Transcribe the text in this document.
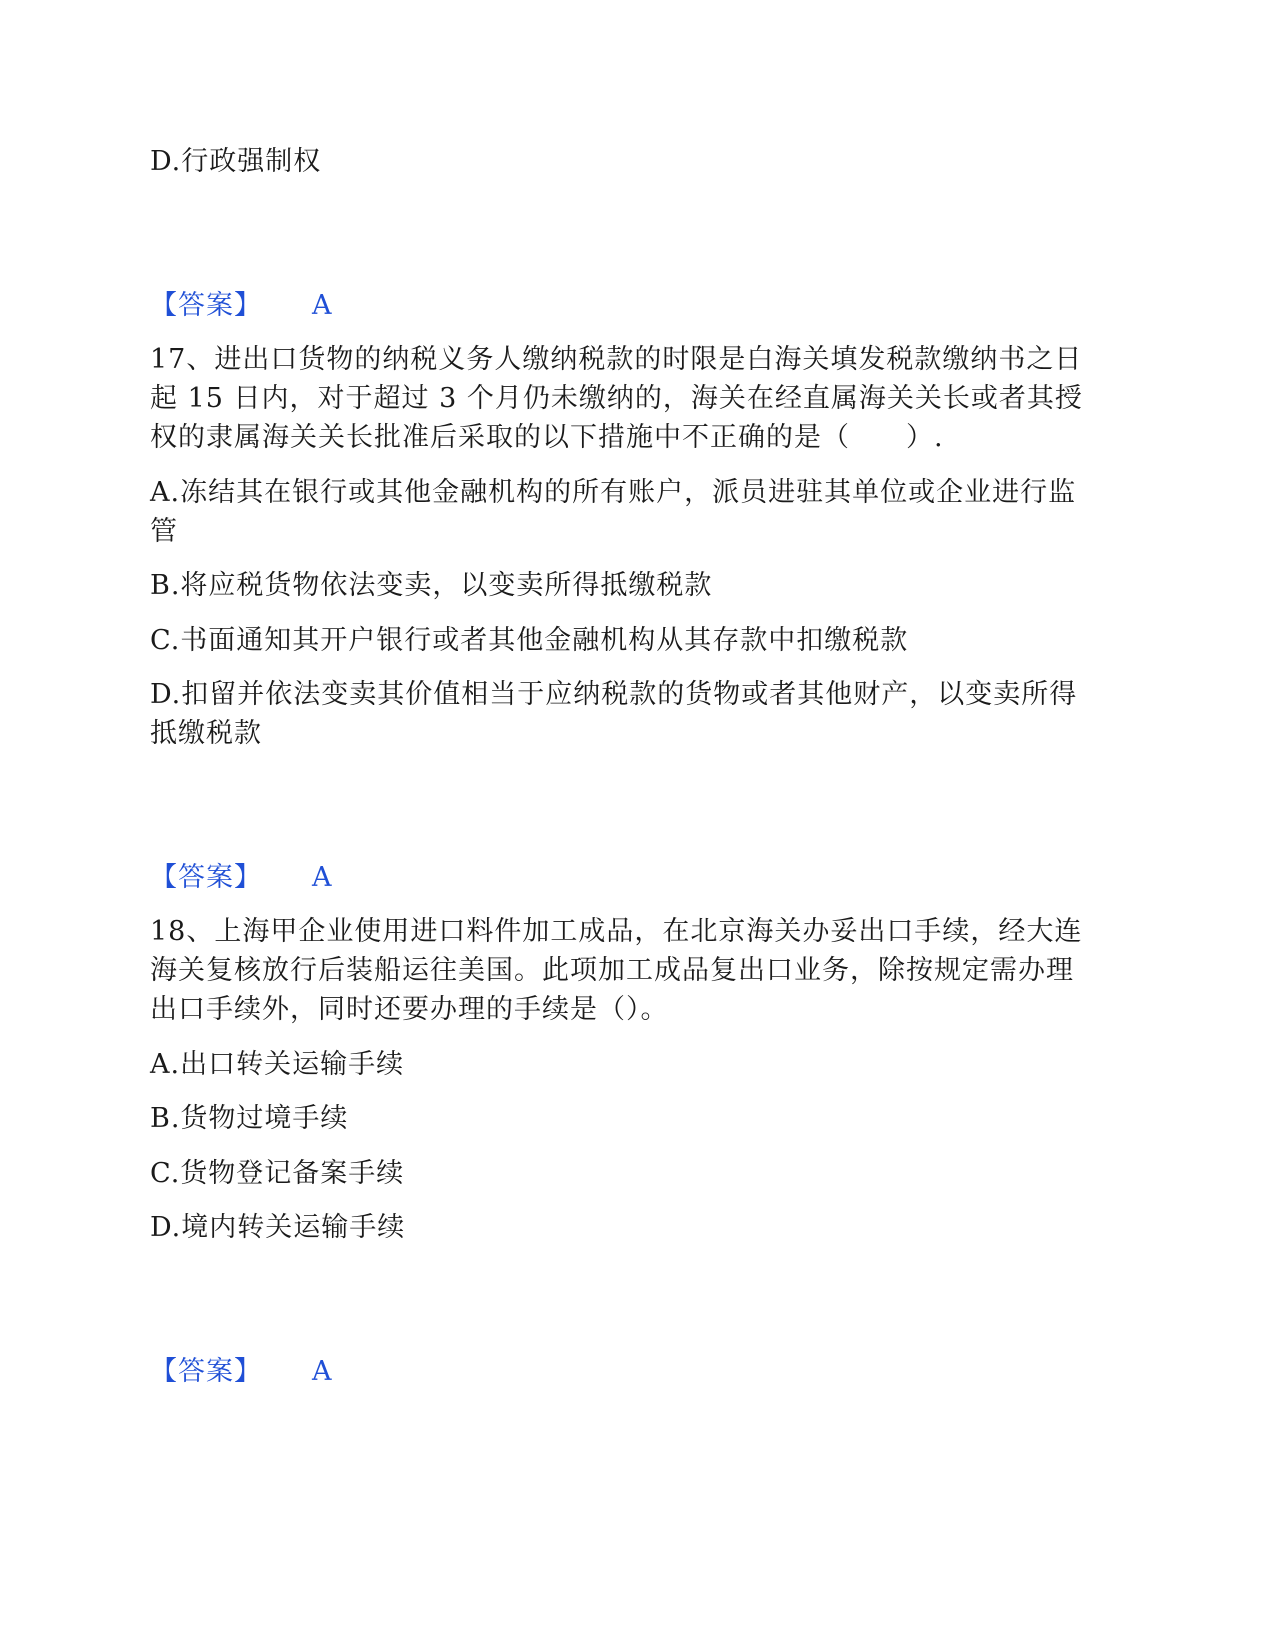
D.行政强制权
【答案】 A
17、进出口货物的纳税义务人缴纳税款的时限是白海关填发税款缴纳书之日
起 15 日内，对于超过 3 个月仍未缴纳的，海关在经直属海关关长或者其授
权的隶属海关关长批准后采取的以下措施中不正确的是（　　）.
A.冻结其在银行或其他金融机构的所有账户，派员进驻其单位或企业进行监
管
B.将应税货物依法变卖，以变卖所得抵缴税款
C.书面通知其开户银行或者其他金融机构从其存款中扣缴税款
D.扣留并依法变卖其价值相当于应纳税款的货物或者其他财产，以变卖所得
抵缴税款
【答案】 A
18、上海甲企业使用进口料件加工成品，在北京海关办妥出口手续，经大连
海关复核放行后装船运往美国。此项加工成品复出口业务，除按规定需办理
出口手续外，同时还要办理的手续是（）。
A.出口转关运输手续
B.货物过境手续
C.货物登记备案手续
D.境内转关运输手续
【答案】 A
